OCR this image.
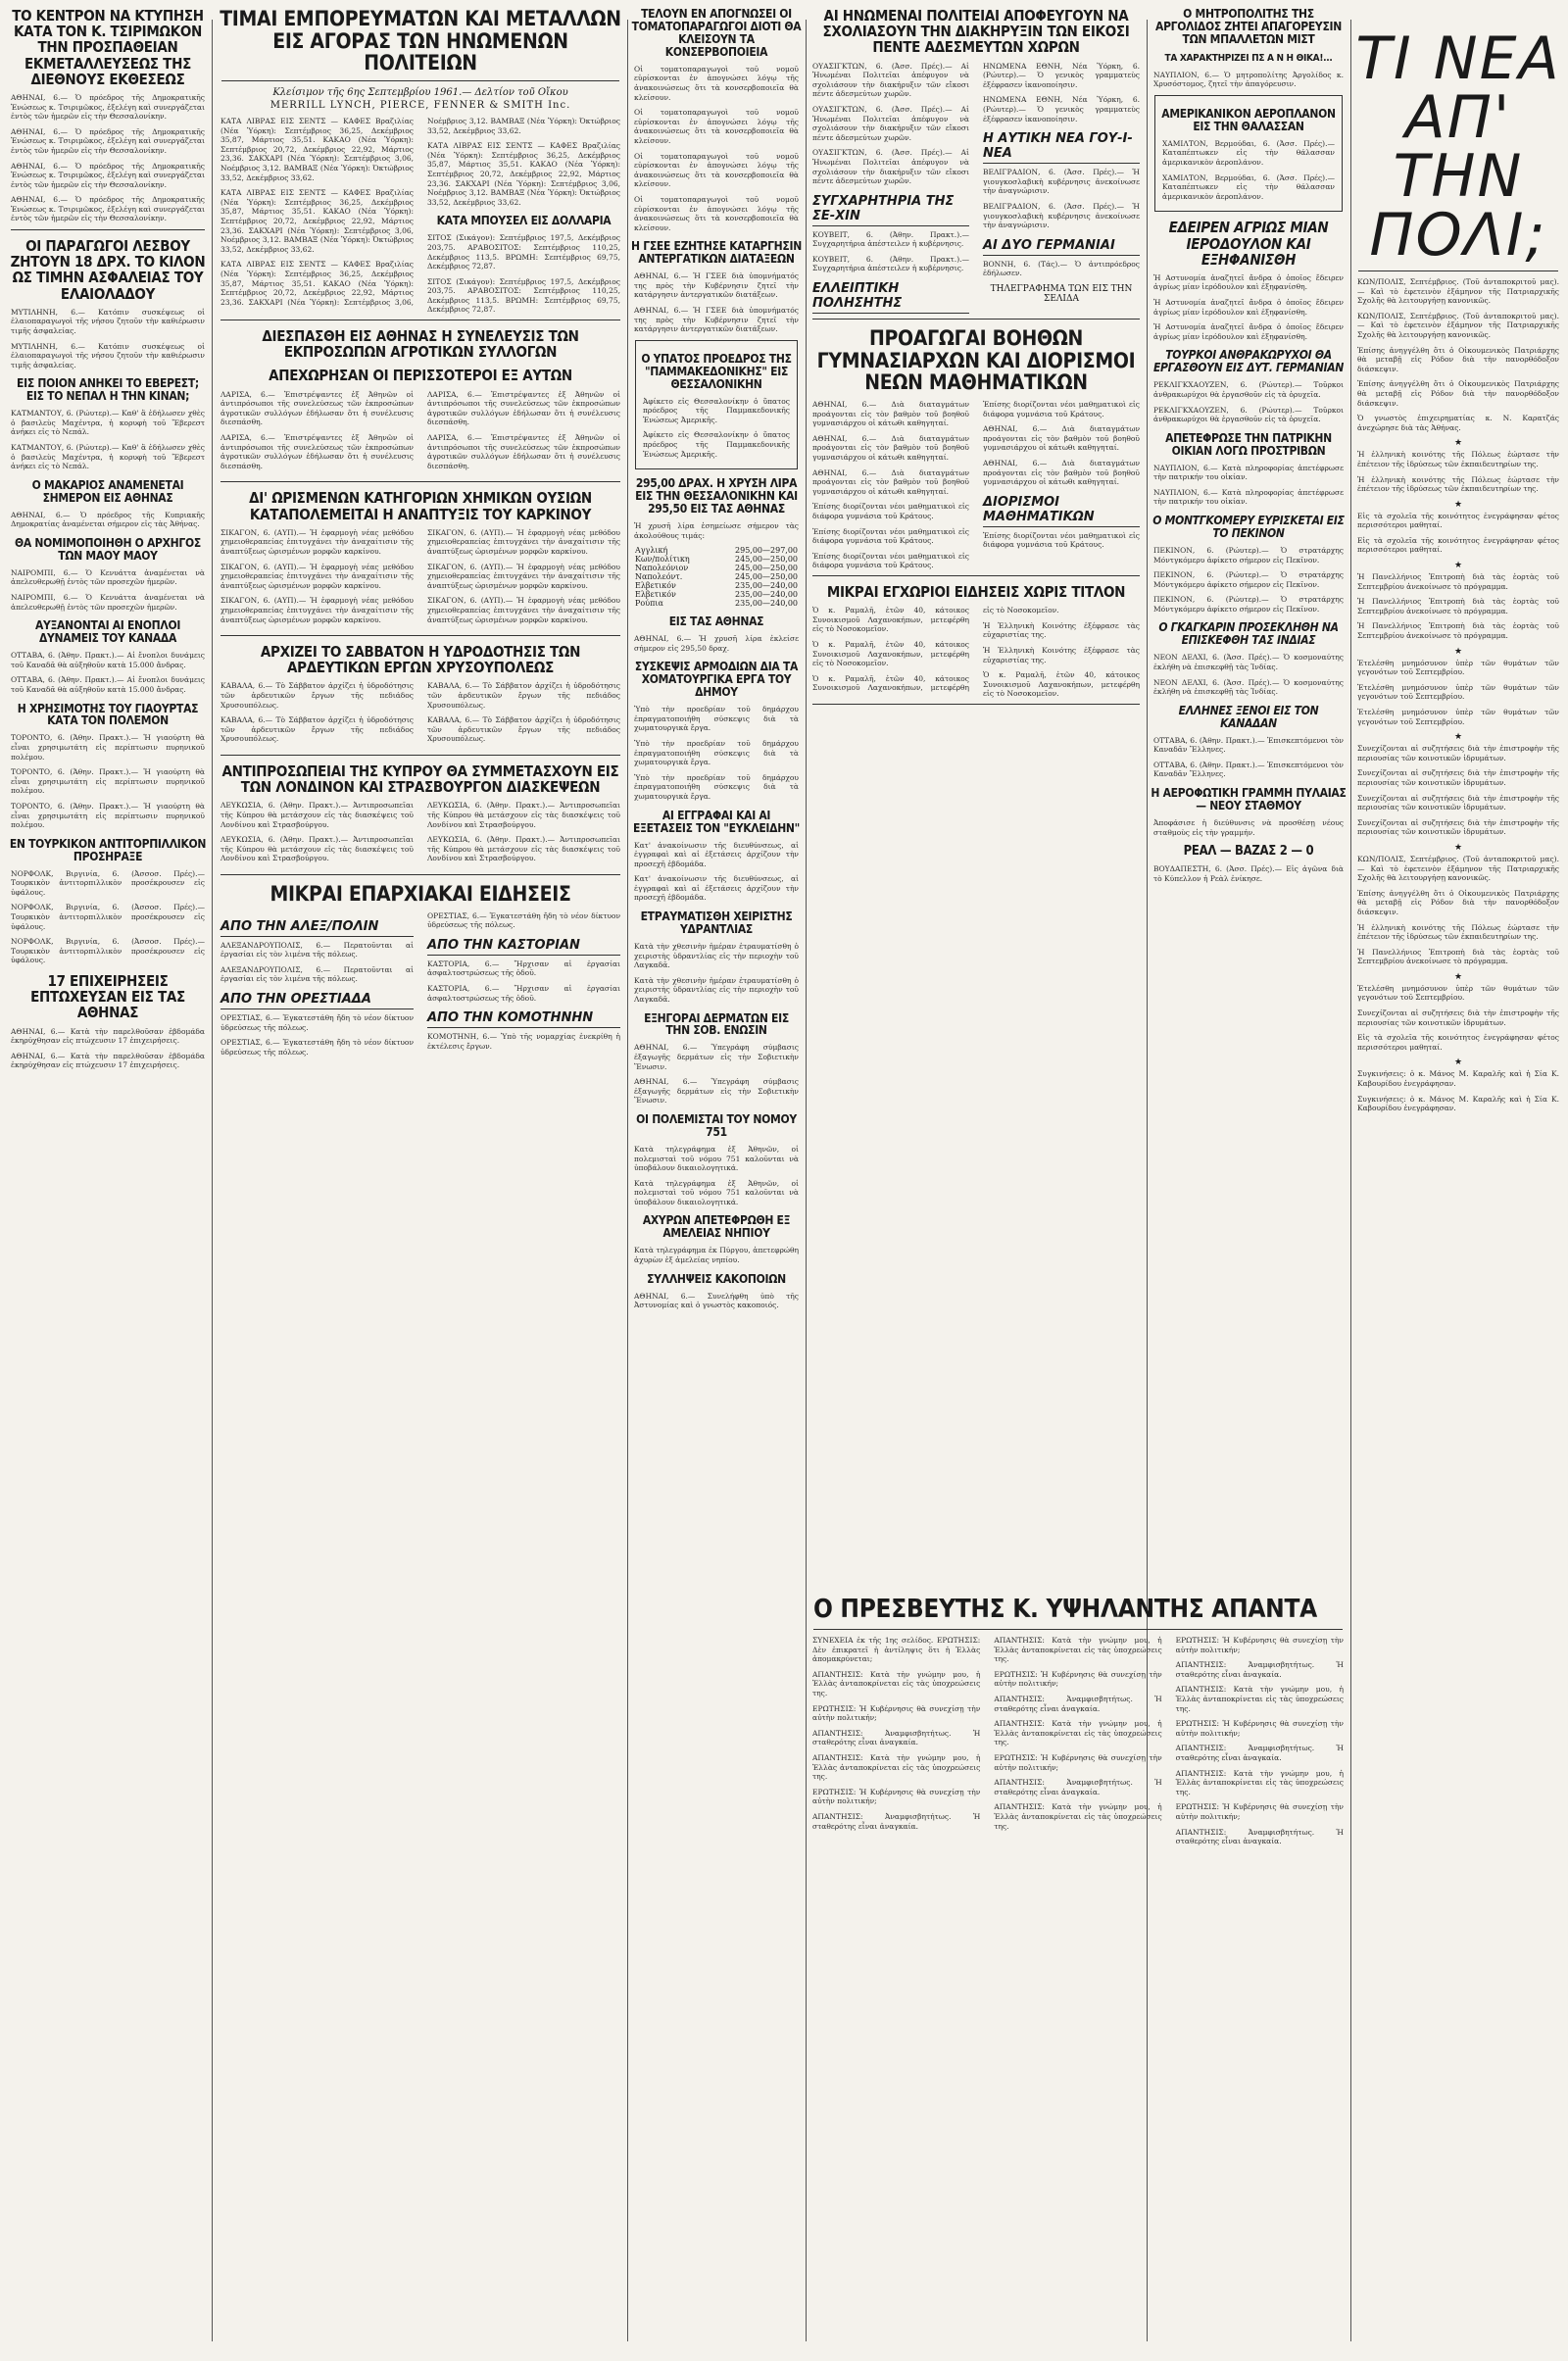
ΤΟ ΚΕΝΤΡΟΝ ΝΑ ΚΤΥΠΗΣΗ ΚΑΤΑ ΤΟΝ Κ. ΤΣΙΡΙΜΩΚΟΝ ΤΗΝ ΠΡΟΣΠΑΘΕΙΑΝ ΕΚΜΕΤΑΛΛΕΥΣΕΩΣ ΤΗΣ ΔΙΕΘΝΟΥΣ ΕΚΘΕΣΕΩΣ

ΑΘΗΝΑΙ, 6.— Ὁ πρόεδρος τῆς Δημοκρατικῆς Ἑνώσεως κ. Τσιριμῶκος, ἐξελέγη καὶ συνεργάζεται ἐντὸς τῶν ἡμερῶν εἰς τὴν Θεσσαλονίκην.

ΑΘΗΝΑΙ, 6.— Ὁ πρόεδρος τῆς Δημοκρατικῆς Ἑνώσεως κ. Τσιριμῶκος, ἐξελέγη καὶ συνεργάζεται ἐντὸς τῶν ἡμερῶν εἰς τὴν Θεσσαλονίκην.

ΑΘΗΝΑΙ, 6.— Ὁ πρόεδρος τῆς Δημοκρατικῆς Ἑνώσεως κ. Τσιριμῶκος, ἐξελέγη καὶ συνεργάζεται ἐντὸς τῶν ἡμερῶν εἰς τὴν Θεσσαλονίκην.

ΑΘΗΝΑΙ, 6.— Ὁ πρόεδρος τῆς Δημοκρατικῆς Ἑνώσεως κ. Τσιριμῶκος, ἐξελέγη καὶ συνεργάζεται ἐντὸς τῶν ἡμερῶν εἰς τὴν Θεσσαλονίκην.

ΟΙ ΠΑΡΑΓΩΓΟΙ ΛΕΣΒΟΥ ΖΗΤΟΥΝ 18 ΔΡΧ. ΤΟ ΚΙΛΟΝ ΩΣ ΤΙΜΗΝ ΑΣΦΑΛΕΙΑΣ ΤΟΥ ΕΛΑΙΟΛΑΔΟΥ

ΜΥΤΙΛΗΝΗ, 6.— Κατόπιν συσκέψεως οἱ ἐλαιοπαραγωγοὶ τῆς νήσου ζητοῦν τὴν καθιέρωσιν τιμῆς ἀσφαλείας.

ΜΥΤΙΛΗΝΗ, 6.— Κατόπιν συσκέψεως οἱ ἐλαιοπαραγωγοὶ τῆς νήσου ζητοῦν τὴν καθιέρωσιν τιμῆς ἀσφαλείας.

ΕΙΣ ΠΟΙΟΝ ΑΝΗΚΕΙ ΤΟ ΕΒΕΡΕΣΤ; ΕΙΣ ΤΟ ΝΕΠΑΛ Η ΤΗΝ ΚΙΝΑΝ;

ΚΑΤΜΑΝΤΟΥ, 6. (Ρώυτερ).— Καθ' ἃ ἐδήλωσεν χθὲς ὁ βασιλεὺς Μαχέντρα, ἡ κορυφὴ τοῦ Ἔβερεστ ἀνήκει εἰς τὸ Νεπάλ.

ΚΑΤΜΑΝΤΟΥ, 6. (Ρώυτερ).— Καθ' ἃ ἐδήλωσεν χθὲς ὁ βασιλεὺς Μαχέντρα, ἡ κορυφὴ τοῦ Ἔβερεστ ἀνήκει εἰς τὸ Νεπάλ.

Ο ΜΑΚΑΡΙΟΣ ΑΝΑΜΕΝΕΤΑΙ ΣΗΜΕΡΟΝ ΕΙΣ ΑΘΗΝΑΣ

ΑΘΗΝΑΙ, 6.— Ὁ πρόεδρος τῆς Κυπριακῆς Δημοκρατίας ἀναμένεται σήμερον εἰς τὰς Ἀθήνας.

ΘΑ ΝΟΜΙΜΟΠΟΙΗΘΗ Ο ΑΡΧΗΓΟΣ ΤΩΝ ΜΑΟΥ ΜΑΟΥ

ΝΑΙΡΟΜΠΙ, 6.— Ὁ Κενυάττα ἀναμένεται νὰ ἀπελευθερωθῇ ἐντὸς τῶν προσεχῶν ἡμερῶν.

ΝΑΙΡΟΜΠΙ, 6.— Ὁ Κενυάττα ἀναμένεται νὰ ἀπελευθερωθῇ ἐντὸς τῶν προσεχῶν ἡμερῶν.

ΑΥΞΑΝΟΝΤΑΙ ΑΙ ΕΝΟΠΛΟΙ ΔΥΝΑΜΕΙΣ ΤΟΥ ΚΑΝΑΔΑ

ΟΤΤΑΒΑ, 6. (Ἀθην. Πρακτ.).— Αἱ ἔνοπλοι δυνάμεις τοῦ Καναδᾶ θὰ αὐξηθοῦν κατὰ 15.000 ἄνδρας.

ΟΤΤΑΒΑ, 6. (Ἀθην. Πρακτ.).— Αἱ ἔνοπλοι δυνάμεις τοῦ Καναδᾶ θὰ αὐξηθοῦν κατὰ 15.000 ἄνδρας.

Η ΧΡΗΣΙΜΟΤΗΣ ΤΟΥ ΓΙΑΟΥΡΤΑΣ ΚΑΤΑ ΤΟΝ ΠΟΛΕΜΟΝ

ΤΟΡΟΝΤΟ, 6. (Ἀθην. Πρακτ.).— Ἡ γιαούρτη θὰ εἶναι χρησιμωτάτη εἰς περίπτωσιν πυρηνικοῦ πολέμου.

ΤΟΡΟΝΤΟ, 6. (Ἀθην. Πρακτ.).— Ἡ γιαούρτη θὰ εἶναι χρησιμωτάτη εἰς περίπτωσιν πυρηνικοῦ πολέμου.

ΤΟΡΟΝΤΟ, 6. (Ἀθην. Πρακτ.).— Ἡ γιαούρτη θὰ εἶναι χρησιμωτάτη εἰς περίπτωσιν πυρηνικοῦ πολέμου.

ΕΝ ΤΟΥΡΚΙΚΟΝ ΑΝΤΙΤΟΡΠΙΛΛΙΚΟΝ ΠΡΟΣΗΡΑΞΕ

ΝΟΡΦΟΛΚ, Βιργινία, 6. (Ἀσσοσ. Πρές).— Τουρκικὸν ἀντιτορπιλλικὸν προσέκρουσεν εἰς ὑφάλους.

ΝΟΡΦΟΛΚ, Βιργινία, 6. (Ἀσσοσ. Πρές).— Τουρκικὸν ἀντιτορπιλλικὸν προσέκρουσεν εἰς ὑφάλους.

ΝΟΡΦΟΛΚ, Βιργινία, 6. (Ἀσσοσ. Πρές).— Τουρκικὸν ἀντιτορπιλλικὸν προσέκρουσεν εἰς ὑφάλους.

17 ΕΠΙΧΕΙΡΗΣΕΙΣ ΕΠΤΩΧΕΥΣΑΝ ΕΙΣ ΤΑΣ ΑΘΗΝΑΣ

ΑΘΗΝΑΙ, 6.— Κατὰ τὴν παρελθοῦσαν ἑβδομάδα ἐκηρύχθησαν εἰς πτώχευσιν 17 ἐπιχειρήσεις.

ΑΘΗΝΑΙ, 6.— Κατὰ τὴν παρελθοῦσαν ἑβδομάδα ἐκηρύχθησαν εἰς πτώχευσιν 17 ἐπιχειρήσεις.

ΤΙΜΑΙ ΕΜΠΟΡΕΥΜΑΤΩΝ ΚΑΙ ΜΕΤΑΛΛΩΝ ΕΙΣ ΑΓΟΡΑΣ ΤΩΝ ΗΝΩΜΕΝΩΝ ΠΟΛΙΤΕΙΩΝ
Κλείσιμον τῆς 6ης Σεπτεμβρίου 1961.— Δελτίον τοῦ Οἴκου
MERRILL LYNCH, PIERCE, FENNER & SMITH Inc.

ΚΑΤΑ ΛΙΒΡΑΣ ΕΙΣ ΣΕΝΤΣ — ΚΑΦΕΣ Βραζιλίας (Νέα Ὑόρκη): Σεπτέμβριος 36,25, Δεκέμβριος 35,87, Μάρτιος 35,51. ΚΑΚΑΟ (Νέα Ὑόρκη): Σεπτέμβριος 20,72, Δεκέμβριος 22,92, Μάρτιος 23,36. ΣΑΚΧΑΡΙ (Νέα Ὑόρκη): Σεπτέμβριος 3,06, Νοέμβριος 3,12. ΒΑΜΒΑΞ (Νέα Ὑόρκη): Ὀκτώβριος 33,52, Δεκέμβριος 33,62.

ΚΑΤΑ ΛΙΒΡΑΣ ΕΙΣ ΣΕΝΤΣ — ΚΑΦΕΣ Βραζιλίας (Νέα Ὑόρκη): Σεπτέμβριος 36,25, Δεκέμβριος 35,87, Μάρτιος 35,51. ΚΑΚΑΟ (Νέα Ὑόρκη): Σεπτέμβριος 20,72, Δεκέμβριος 22,92, Μάρτιος 23,36. ΣΑΚΧΑΡΙ (Νέα Ὑόρκη): Σεπτέμβριος 3,06, Νοέμβριος 3,12. ΒΑΜΒΑΞ (Νέα Ὑόρκη): Ὀκτώβριος 33,52, Δεκέμβριος 33,62.

ΚΑΤΑ ΛΙΒΡΑΣ ΕΙΣ ΣΕΝΤΣ — ΚΑΦΕΣ Βραζιλίας (Νέα Ὑόρκη): Σεπτέμβριος 36,25, Δεκέμβριος 35,87, Μάρτιος 35,51. ΚΑΚΑΟ (Νέα Ὑόρκη): Σεπτέμβριος 20,72, Δεκέμβριος 22,92, Μάρτιος 23,36. ΣΑΚΧΑΡΙ (Νέα Ὑόρκη): Σεπτέμβριος 3,06, Νοέμβριος 3,12. ΒΑΜΒΑΞ (Νέα Ὑόρκη): Ὀκτώβριος 33,52, Δεκέμβριος 33,62.

ΚΑΤΑ ΛΙΒΡΑΣ ΕΙΣ ΣΕΝΤΣ — ΚΑΦΕΣ Βραζιλίας (Νέα Ὑόρκη): Σεπτέμβριος 36,25, Δεκέμβριος 35,87, Μάρτιος 35,51. ΚΑΚΑΟ (Νέα Ὑόρκη): Σεπτέμβριος 20,72, Δεκέμβριος 22,92, Μάρτιος 23,36. ΣΑΚΧΑΡΙ (Νέα Ὑόρκη): Σεπτέμβριος 3,06, Νοέμβριος 3,12. ΒΑΜΒΑΞ (Νέα Ὑόρκη): Ὀκτώβριος 33,52, Δεκέμβριος 33,62.

ΚΑΤΑ ΜΠΟΥΣΕΛ ΕΙΣ ΔΟΛΛΑΡΙΑ

ΣΙΤΟΣ (Σικάγον): Σεπτέμβριος 197,5, Δεκέμβριος 203,75. ΑΡΑΒΟΣΙΤΟΣ: Σεπτέμβριος 110,25, Δεκέμβριος 113,5. ΒΡΩΜΗ: Σεπτέμβριος 69,75, Δεκέμβριος 72,87.

ΣΙΤΟΣ (Σικάγον): Σεπτέμβριος 197,5, Δεκέμβριος 203,75. ΑΡΑΒΟΣΙΤΟΣ: Σεπτέμβριος 110,25, Δεκέμβριος 113,5. ΒΡΩΜΗ: Σεπτέμβριος 69,75, Δεκέμβριος 72,87.

ΔΙΕΣΠΑΣΘΗ ΕΙΣ ΑΘΗΝΑΣ Η ΣΥΝΕΛΕΥΣΙΣ ΤΩΝ ΕΚΠΡΟΣΩΠΩΝ ΑΓΡΟΤΙΚΩΝ ΣΥΛΛΟΓΩΝ
ΑΠΕΧΩΡΗΣΑΝ ΟΙ ΠΕΡΙΣΣΟΤΕΡΟΙ ΕΞ ΑΥΤΩΝ

ΛΑΡΙΣΑ, 6.— Ἐπιστρέψαντες ἐξ Ἀθηνῶν οἱ ἀντιπρόσωποι τῆς συνελεύσεως τῶν ἐκπροσώπων ἀγροτικῶν συλλόγων ἐδήλωσαν ὅτι ἡ συνέλευσις διεσπάσθη.

ΛΑΡΙΣΑ, 6.— Ἐπιστρέψαντες ἐξ Ἀθηνῶν οἱ ἀντιπρόσωποι τῆς συνελεύσεως τῶν ἐκπροσώπων ἀγροτικῶν συλλόγων ἐδήλωσαν ὅτι ἡ συνέλευσις διεσπάσθη.

ΛΑΡΙΣΑ, 6.— Ἐπιστρέψαντες ἐξ Ἀθηνῶν οἱ ἀντιπρόσωποι τῆς συνελεύσεως τῶν ἐκπροσώπων ἀγροτικῶν συλλόγων ἐδήλωσαν ὅτι ἡ συνέλευσις διεσπάσθη.

ΛΑΡΙΣΑ, 6.— Ἐπιστρέψαντες ἐξ Ἀθηνῶν οἱ ἀντιπρόσωποι τῆς συνελεύσεως τῶν ἐκπροσώπων ἀγροτικῶν συλλόγων ἐδήλωσαν ὅτι ἡ συνέλευσις διεσπάσθη.

ΔΙ' ΩΡΙΣΜΕΝΩΝ ΚΑΤΗΓΟΡΙΩΝ ΧΗΜΙΚΩΝ ΟΥΣΙΩΝ ΚΑΤΑΠΟΛΕΜΕΙΤΑΙ Η ΑΝΑΠΤΥΞΙΣ ΤΟΥ ΚΑΡΚΙΝΟΥ

ΣΙΚΑΓΟΝ, 6. (ΑΥΠ).— Ἡ ἐφαρμογὴ νέας μεθόδου χημειοθεραπείας ἐπιτυγχάνει τὴν ἀναχαίτισιν τῆς ἀναπτύξεως ὡρισμένων μορφῶν καρκίνου.

ΣΙΚΑΓΟΝ, 6. (ΑΥΠ).— Ἡ ἐφαρμογὴ νέας μεθόδου χημειοθεραπείας ἐπιτυγχάνει τὴν ἀναχαίτισιν τῆς ἀναπτύξεως ὡρισμένων μορφῶν καρκίνου.

ΣΙΚΑΓΟΝ, 6. (ΑΥΠ).— Ἡ ἐφαρμογὴ νέας μεθόδου χημειοθεραπείας ἐπιτυγχάνει τὴν ἀναχαίτισιν τῆς ἀναπτύξεως ὡρισμένων μορφῶν καρκίνου.

ΣΙΚΑΓΟΝ, 6. (ΑΥΠ).— Ἡ ἐφαρμογὴ νέας μεθόδου χημειοθεραπείας ἐπιτυγχάνει τὴν ἀναχαίτισιν τῆς ἀναπτύξεως ὡρισμένων μορφῶν καρκίνου.

ΣΙΚΑΓΟΝ, 6. (ΑΥΠ).— Ἡ ἐφαρμογὴ νέας μεθόδου χημειοθεραπείας ἐπιτυγχάνει τὴν ἀναχαίτισιν τῆς ἀναπτύξεως ὡρισμένων μορφῶν καρκίνου.

ΣΙΚΑΓΟΝ, 6. (ΑΥΠ).— Ἡ ἐφαρμογὴ νέας μεθόδου χημειοθεραπείας ἐπιτυγχάνει τὴν ἀναχαίτισιν τῆς ἀναπτύξεως ὡρισμένων μορφῶν καρκίνου.

ΑΡΧΙΖΕΙ ΤΟ ΣΑΒΒΑΤΟΝ Η ΥΔΡΟΔΟΤΗΣΙΣ ΤΩΝ ΑΡΔΕΥΤΙΚΩΝ ΕΡΓΩΝ ΧΡΥΣΟΥΠΟΛΕΩΣ

ΚΑΒΑΛΑ, 6.— Τὸ Σάββατον ἀρχίζει ἡ ὑδροδότησις τῶν ἀρδευτικῶν ἔργων τῆς πεδιάδος Χρυσουπόλεως.

ΚΑΒΑΛΑ, 6.— Τὸ Σάββατον ἀρχίζει ἡ ὑδροδότησις τῶν ἀρδευτικῶν ἔργων τῆς πεδιάδος Χρυσουπόλεως.

ΚΑΒΑΛΑ, 6.— Τὸ Σάββατον ἀρχίζει ἡ ὑδροδότησις τῶν ἀρδευτικῶν ἔργων τῆς πεδιάδος Χρυσουπόλεως.

ΚΑΒΑΛΑ, 6.— Τὸ Σάββατον ἀρχίζει ἡ ὑδροδότησις τῶν ἀρδευτικῶν ἔργων τῆς πεδιάδος Χρυσουπόλεως.

ΑΝΤΙΠΡΟΣΩΠΕΙΑΙ ΤΗΣ ΚΥΠΡΟΥ ΘΑ ΣΥΜΜΕΤΑΣΧΟΥΝ ΕΙΣ ΤΩΝ ΛΟΝΔΙΝΟΝ ΚΑΙ ΣΤΡΑΣΒΟΥΡΓΟΝ ΔΙΑΣΚΕΨΕΩΝ

ΛΕΥΚΩΣΙΑ, 6. (Ἀθην. Πρακτ.).— Ἀντιπροσωπεῖαι τῆς Κύπρου θὰ μετάσχουν εἰς τὰς διασκέψεις τοῦ Λονδίνου καὶ Στρασβούργου.

ΛΕΥΚΩΣΙΑ, 6. (Ἀθην. Πρακτ.).— Ἀντιπροσωπεῖαι τῆς Κύπρου θὰ μετάσχουν εἰς τὰς διασκέψεις τοῦ Λονδίνου καὶ Στρασβούργου.

ΛΕΥΚΩΣΙΑ, 6. (Ἀθην. Πρακτ.).— Ἀντιπροσωπεῖαι τῆς Κύπρου θὰ μετάσχουν εἰς τὰς διασκέψεις τοῦ Λονδίνου καὶ Στρασβούργου.

ΛΕΥΚΩΣΙΑ, 6. (Ἀθην. Πρακτ.).— Ἀντιπροσωπεῖαι τῆς Κύπρου θὰ μετάσχουν εἰς τὰς διασκέψεις τοῦ Λονδίνου καὶ Στρασβούργου.

ΜΙΚΡΑΙ ΕΠΑΡΧΙΑΚΑΙ ΕΙΔΗΣΕΙΣ
ΑΠΟ ΤΗΝ ΑΛΕΞ/ΠΟΛΙΝ

ΑΛΕΞΑΝΔΡΟΥΠΟΛΙΣ, 6.— Περατοῦνται αἱ ἐργασίαι εἰς τὸν λιμένα τῆς πόλεως.

ΑΛΕΞΑΝΔΡΟΥΠΟΛΙΣ, 6.— Περατοῦνται αἱ ἐργασίαι εἰς τὸν λιμένα τῆς πόλεως.

ΑΠΟ ΤΗΝ ΟΡΕΣΤΙΑΔΑ

ΟΡΕΣΤΙΑΣ, 6.— Ἐγκατεστάθη ἤδη τὸ νέον δίκτυον ὑδρεύσεως τῆς πόλεως.

ΟΡΕΣΤΙΑΣ, 6.— Ἐγκατεστάθη ἤδη τὸ νέον δίκτυον ὑδρεύσεως τῆς πόλεως.

ΟΡΕΣΤΙΑΣ, 6.— Ἐγκατεστάθη ἤδη τὸ νέον δίκτυον ὑδρεύσεως τῆς πόλεως.

ΑΠΟ ΤΗΝ ΚΑΣΤΟΡΙΑΝ

ΚΑΣΤΟΡΙΑ, 6.— Ἤρχισαν αἱ ἐργασίαι ἀσφαλτοστρώσεως τῆς ὁδοῦ.

ΚΑΣΤΟΡΙΑ, 6.— Ἤρχισαν αἱ ἐργασίαι ἀσφαλτοστρώσεως τῆς ὁδοῦ.

ΑΠΟ ΤΗΝ ΚΟΜΟΤΗΝΗΝ

ΚΟΜΟΤΗΝΗ, 6.— Ὑπὸ τῆς νομαρχίας ἐνεκρίθη ἡ ἐκτέλεσις ἔργων.

ΤΕΛΟΥΝ ΕΝ ΑΠΟΓΝΩΣΕΙ ΟΙ ΤΟΜΑΤΟΠΑΡΑΓΩΓΟΙ ΔΙΟΤΙ ΘΑ ΚΛΕΙΣΟΥΝ ΤΑ ΚΟΝΣΕΡΒΟΠΟΙΕΙΑ

Οἱ τοματοπαραγωγοὶ τοῦ νομοῦ εὑρίσκονται ἐν ἀπογνώσει λόγῳ τῆς ἀνακοινώσεως ὅτι τὰ κονσερβοποιεῖα θὰ κλείσουν.

Οἱ τοματοπαραγωγοὶ τοῦ νομοῦ εὑρίσκονται ἐν ἀπογνώσει λόγῳ τῆς ἀνακοινώσεως ὅτι τὰ κονσερβοποιεῖα θὰ κλείσουν.

Οἱ τοματοπαραγωγοὶ τοῦ νομοῦ εὑρίσκονται ἐν ἀπογνώσει λόγῳ τῆς ἀνακοινώσεως ὅτι τὰ κονσερβοποιεῖα θὰ κλείσουν.

Οἱ τοματοπαραγωγοὶ τοῦ νομοῦ εὑρίσκονται ἐν ἀπογνώσει λόγῳ τῆς ἀνακοινώσεως ὅτι τὰ κονσερβοποιεῖα θὰ κλείσουν.

Η ΓΣΕΕ ΕΖΗΤΗΣΕ ΚΑΤΑΡΓΗΣΙΝ ΑΝΤΕΡΓΑΤΙΚΩΝ ΔΙΑΤΑΞΕΩΝ

ΑΘΗΝΑΙ, 6.— Ἡ ΓΣΕΕ διὰ ὑπομνήματός της πρὸς τὴν Κυβέρνησιν ζητεῖ τὴν κατάργησιν ἀντεργατικῶν διατάξεων.

ΑΘΗΝΑΙ, 6.— Ἡ ΓΣΕΕ διὰ ὑπομνήματός της πρὸς τὴν Κυβέρνησιν ζητεῖ τὴν κατάργησιν ἀντεργατικῶν διατάξεων.

Ο ΥΠΑΤΟΣ ΠΡΟΕΔΡΟΣ ΤΗΣ "ΠΑΜΜΑΚΕΔΟΝΙΚΗΣ" ΕΙΣ ΘΕΣΣΑΛΟΝΙΚΗΝ

Ἀφίκετο εἰς Θεσσαλονίκην ὁ ὕπατος πρόεδρος τῆς Παμμακεδονικῆς Ἑνώσεως Ἀμερικῆς.

Ἀφίκετο εἰς Θεσσαλονίκην ὁ ὕπατος πρόεδρος τῆς Παμμακεδονικῆς Ἑνώσεως Ἀμερικῆς.

295,00 ΔΡΑΧ. Η ΧΡΥΣΗ ΛΙΡΑ ΕΙΣ ΤΗΝ ΘΕΣΣΑΛΟΝΙΚΗΝ ΚΑΙ 295,50 ΕΙΣ ΤΑΣ ΑΘΗΝΑΣ

Ἡ χρυσῆ λίρα ἐσημείωσε σήμερον τὰς ἀκολούθους τιμάς:

Αγγλική	295,00—297,00
Κων/πολίτικη	245,00—250,00
Ναπολεόνιον	245,00—250,00
Ναπολεόντ.	245,00—250,00
Ελβετικόν	235,00—240,00
Ελβετικόν	235,00—240,00
Ρούπια	235,00—240,00
ΕΙΣ ΤΑΣ ΑΘΗΝΑΣ

ΑΘΗΝΑΙ, 6.— Ἡ χρυσῆ λίρα ἐκλείσε σήμερον εἰς 295,50 δραχ.

ΣΥΣΚΕΨΙΣ ΑΡΜΟΔΙΩΝ ΔΙΑ ΤΑ ΧΟΜΑΤΟΥΡΓΙΚΑ ΕΡΓΑ ΤΟΥ ΔΗΜΟΥ

Ὑπὸ τὴν προεδρίαν τοῦ δημάρχου ἐπραγματοποιήθη σύσκεψις διὰ τὰ χωματουργικὰ ἔργα.

Ὑπὸ τὴν προεδρίαν τοῦ δημάρχου ἐπραγματοποιήθη σύσκεψις διὰ τὰ χωματουργικὰ ἔργα.

Ὑπὸ τὴν προεδρίαν τοῦ δημάρχου ἐπραγματοποιήθη σύσκεψις διὰ τὰ χωματουργικὰ ἔργα.

ΑΙ ΕΓΓΡΑΦΑΙ ΚΑΙ ΑΙ ΕΞΕΤΑΣΕΙΣ ΤΟΝ "ΕΥΚΛΕΙΔΗΝ"

Κατ' ἀνακοίνωσιν τῆς διευθύνσεως, αἱ ἐγγραφαὶ καὶ αἱ ἐξετάσεις ἀρχίζουν τὴν προσεχῆ ἑβδομάδα.

Κατ' ἀνακοίνωσιν τῆς διευθύνσεως, αἱ ἐγγραφαὶ καὶ αἱ ἐξετάσεις ἀρχίζουν τὴν προσεχῆ ἑβδομάδα.

ΕΤΡΑΥΜΑΤΙΣΘΗ ΧΕΙΡΙΣΤΗΣ ΥΔΡΑΝΤΛΙΑΣ

Κατὰ τὴν χθεσινὴν ἡμέραν ἐτραυματίσθη ὁ χειριστὴς ὑδραντλίας εἰς τὴν περιοχὴν τοῦ Λαγκαδᾶ.

Κατὰ τὴν χθεσινὴν ἡμέραν ἐτραυματίσθη ὁ χειριστὴς ὑδραντλίας εἰς τὴν περιοχὴν τοῦ Λαγκαδᾶ.

ΕΞΗΓΟΡΑΙ ΔΕΡΜΑΤΩΝ ΕΙΣ ΤΗΝ ΣΟΒ. ΕΝΩΣΙΝ

ΑΘΗΝΑΙ, 6.— Ὑπεγράφη σύμβασις ἐξαγωγῆς δερμάτων εἰς τὴν Σοβιετικὴν Ἕνωσιν.

ΑΘΗΝΑΙ, 6.— Ὑπεγράφη σύμβασις ἐξαγωγῆς δερμάτων εἰς τὴν Σοβιετικὴν Ἕνωσιν.

ΟΙ ΠΟΛΕΜΙΣΤΑΙ ΤΟΥ ΝΟΜΟΥ 751

Κατὰ τηλεγράφημα ἐξ Ἀθηνῶν, οἱ πολεμισταὶ τοῦ νόμου 751 καλοῦνται νὰ ὑποβάλουν δικαιολογητικά.

Κατὰ τηλεγράφημα ἐξ Ἀθηνῶν, οἱ πολεμισταὶ τοῦ νόμου 751 καλοῦνται νὰ ὑποβάλουν δικαιολογητικά.

ΑΧΥΡΩΝ ΑΠΕΤΕΦΡΩΘΗ ΕΞ ΑΜΕΛΕΙΑΣ ΝΗΠΙΟΥ

Κατὰ τηλεγράφημα ἐκ Πύργου, ἀπετεφρώθη ἀχυρὼν ἐξ ἀμελείας νηπίου.

ΣΥΛΛΗΨΕΙΣ ΚΑΚΟΠΟΙΩΝ

ΑΘΗΝΑΙ, 6.— Συνελήφθη ὑπὸ τῆς Ἀστυνομίας καὶ ὁ γνωστὸς κακοποιός.

ΑΙ ΗΝΩΜΕΝΑΙ ΠΟΛΙΤΕΙΑΙ ΑΠΟΦΕΥΓΟΥΝ ΝΑ ΣΧΟΛΙΑΣΟΥΝ ΤΗΝ ΔΙΑΚΗΡΥΞΙΝ ΤΩΝ ΕΙΚΟΣΙ ΠΕΝΤΕ ΑΔΕΣΜΕΥΤΩΝ ΧΩΡΩΝ

ΟΥΑΣΙΓΚΤΩΝ, 6. (Ἀσσ. Πρές).— Αἱ Ἡνωμέναι Πολιτεῖαι ἀπέφυγον νὰ σχολιάσουν τὴν διακήρυξιν τῶν εἴκοσι πέντε ἀδεσμεύτων χωρῶν.

ΟΥΑΣΙΓΚΤΩΝ, 6. (Ἀσσ. Πρές).— Αἱ Ἡνωμέναι Πολιτεῖαι ἀπέφυγον νὰ σχολιάσουν τὴν διακήρυξιν τῶν εἴκοσι πέντε ἀδεσμεύτων χωρῶν.

ΟΥΑΣΙΓΚΤΩΝ, 6. (Ἀσσ. Πρές).— Αἱ Ἡνωμέναι Πολιτεῖαι ἀπέφυγον νὰ σχολιάσουν τὴν διακήρυξιν τῶν εἴκοσι πέντε ἀδεσμεύτων χωρῶν.

ΣΥΓΧΑΡΗΤΗΡΙΑ ΤΗΣ ΣΕ-ΧΙΝ

ΚΟΥΒΕΙΤ, 6. (Ἀθην. Πρακτ.).— Συγχαρητήρια ἀπέστειλεν ἡ κυβέρνησις.

ΚΟΥΒΕΙΤ, 6. (Ἀθην. Πρακτ.).— Συγχαρητήρια ἀπέστειλεν ἡ κυβέρνησις.

ΕΛΛΕΙΠΤΙΚΗ ΠΟΛΗΣΗΤΗΣ

ΗΝΩΜΕΝΑ ΕΘΝΗ, Νέα Ὑόρκη, 6. (Ρώυτερ).— Ὁ γενικὸς γραμματεὺς ἐξέφρασεν ἱκανοποίησιν.

ΗΝΩΜΕΝΑ ΕΘΝΗ, Νέα Ὑόρκη, 6. (Ρώυτερ).— Ὁ γενικὸς γραμματεὺς ἐξέφρασεν ἱκανοποίησιν.

Η ΑΥΤΙΚΗ ΝΕΑ ΓΟΥ-Ι-ΝΕΑ

ΒΕΛΙΓΡΑΔΙΟΝ, 6. (Ἀσσ. Πρές).— Ἡ γιουγκοσλαβικὴ κυβέρνησις ἀνεκοίνωσε τὴν ἀναγνώρισιν.

ΒΕΛΙΓΡΑΔΙΟΝ, 6. (Ἀσσ. Πρές).— Ἡ γιουγκοσλαβικὴ κυβέρνησις ἀνεκοίνωσε τὴν ἀναγνώρισιν.

ΑΙ ΔΥΟ ΓΕΡΜΑΝΙΑΙ

ΒΟΝΝΗ, 6. (Τάς).— Ὁ ἀντιπρόεδρος ἐδήλωσεν.

ΤΗΛΕΓΡΑΦΗΜΑ ΤΩΝ ΕΙΣ ΤΗΝ ΣΕΛΙΔΑ
ΠΡΟΑΓΩΓΑΙ ΒΟΗΘΩΝ ΓΥΜΝΑΣΙΑΡΧΩΝ ΚΑΙ ΔΙΟΡΙΣΜΟΙ ΝΕΩΝ ΜΑΘΗΜΑΤΙΚΩΝ

ΑΘΗΝΑΙ, 6.— Διὰ διαταγμάτων προάγονται εἰς τὸν βαθμὸν τοῦ βοηθοῦ γυμνασιάρχου οἱ κάτωθι καθηγηταί.

ΑΘΗΝΑΙ, 6.— Διὰ διαταγμάτων προάγονται εἰς τὸν βαθμὸν τοῦ βοηθοῦ γυμνασιάρχου οἱ κάτωθι καθηγηταί.

ΑΘΗΝΑΙ, 6.— Διὰ διαταγμάτων προάγονται εἰς τὸν βαθμὸν τοῦ βοηθοῦ γυμνασιάρχου οἱ κάτωθι καθηγηταί.

Ἐπίσης διορίζονται νέοι μαθηματικοὶ εἰς διάφορα γυμνάσια τοῦ Κράτους.

Ἐπίσης διορίζονται νέοι μαθηματικοὶ εἰς διάφορα γυμνάσια τοῦ Κράτους.

Ἐπίσης διορίζονται νέοι μαθηματικοὶ εἰς διάφορα γυμνάσια τοῦ Κράτους.

Ἐπίσης διορίζονται νέοι μαθηματικοὶ εἰς διάφορα γυμνάσια τοῦ Κράτους.

ΑΘΗΝΑΙ, 6.— Διὰ διαταγμάτων προάγονται εἰς τὸν βαθμὸν τοῦ βοηθοῦ γυμνασιάρχου οἱ κάτωθι καθηγηταί.

ΑΘΗΝΑΙ, 6.— Διὰ διαταγμάτων προάγονται εἰς τὸν βαθμὸν τοῦ βοηθοῦ γυμνασιάρχου οἱ κάτωθι καθηγηταί.

ΔΙΟΡΙΣΜΟΙ ΜΑΘΗΜΑΤΙΚΩΝ

Ἐπίσης διορίζονται νέοι μαθηματικοὶ εἰς διάφορα γυμνάσια τοῦ Κράτους.

ΜΙΚΡΑΙ ΕΓΧΩΡΙΟΙ ΕΙΔΗΣΕΙΣ ΧΩΡΙΣ ΤΙΤΛΟΝ

Ὁ κ. Ραμαλῆ, ἐτῶν 40, κάτοικος Συνοικισμοῦ Λαχανοκήπων, μετεφέρθη εἰς τὸ Νοσοκομεῖον.

Ὁ κ. Ραμαλῆ, ἐτῶν 40, κάτοικος Συνοικισμοῦ Λαχανοκήπων, μετεφέρθη εἰς τὸ Νοσοκομεῖον.

Ὁ κ. Ραμαλῆ, ἐτῶν 40, κάτοικος Συνοικισμοῦ Λαχανοκήπων, μετεφέρθη εἰς τὸ Νοσοκομεῖον.

Ἡ Ἑλληνικὴ Κοινότης ἐξέφρασε τὰς εὐχαριστίας της.

Ἡ Ἑλληνικὴ Κοινότης ἐξέφρασε τὰς εὐχαριστίας της.

Ὁ κ. Ραμαλῆ, ἐτῶν 40, κάτοικος Συνοικισμοῦ Λαχανοκήπων, μετεφέρθη εἰς τὸ Νοσοκομεῖον.

Ο ΠΡΕΣΒΕΥΤΗΣ Κ. ΥΨΗΛΑΝΤΗΣ ΑΠΑΝΤΑ

ΣΥΝΕΧΕΙΑ ἐκ τῆς 1ης σελίδος. ΕΡΩΤΗΣΙΣ: Δὲν ἐπικρατεῖ ἡ ἀντίληψις ὅτι ἡ Ἑλλὰς ἀπομακρύνεται;

ΑΠΑΝΤΗΣΙΣ: Κατὰ τὴν γνώμην μου, ἡ Ἑλλὰς ἀνταποκρίνεται εἰς τὰς ὑποχρεώσεις της.

ΕΡΩΤΗΣΙΣ: Ἡ Κυβέρνησις θὰ συνεχίσῃ τὴν αὐτὴν πολιτικήν;

ΑΠΑΝΤΗΣΙΣ: Ἀναμφισβητήτως. Ἡ σταθερότης εἶναι ἀναγκαία.

ΑΠΑΝΤΗΣΙΣ: Κατὰ τὴν γνώμην μου, ἡ Ἑλλὰς ἀνταποκρίνεται εἰς τὰς ὑποχρεώσεις της.

ΕΡΩΤΗΣΙΣ: Ἡ Κυβέρνησις θὰ συνεχίσῃ τὴν αὐτὴν πολιτικήν;

ΑΠΑΝΤΗΣΙΣ: Ἀναμφισβητήτως. Ἡ σταθερότης εἶναι ἀναγκαία.

ΑΠΑΝΤΗΣΙΣ: Κατὰ τὴν γνώμην μου, ἡ Ἑλλὰς ἀνταποκρίνεται εἰς τὰς ὑποχρεώσεις της.

ΕΡΩΤΗΣΙΣ: Ἡ Κυβέρνησις θὰ συνεχίσῃ τὴν αὐτὴν πολιτικήν;

ΑΠΑΝΤΗΣΙΣ: Ἀναμφισβητήτως. Ἡ σταθερότης εἶναι ἀναγκαία.

ΑΠΑΝΤΗΣΙΣ: Κατὰ τὴν γνώμην μου, ἡ Ἑλλὰς ἀνταποκρίνεται εἰς τὰς ὑποχρεώσεις της.

ΕΡΩΤΗΣΙΣ: Ἡ Κυβέρνησις θὰ συνεχίσῃ τὴν αὐτὴν πολιτικήν;

ΑΠΑΝΤΗΣΙΣ: Ἀναμφισβητήτως. Ἡ σταθερότης εἶναι ἀναγκαία.

ΑΠΑΝΤΗΣΙΣ: Κατὰ τὴν γνώμην μου, ἡ Ἑλλὰς ἀνταποκρίνεται εἰς τὰς ὑποχρεώσεις της.

ΕΡΩΤΗΣΙΣ: Ἡ Κυβέρνησις θὰ συνεχίσῃ τὴν αὐτὴν πολιτικήν;

ΑΠΑΝΤΗΣΙΣ: Ἀναμφισβητήτως. Ἡ σταθερότης εἶναι ἀναγκαία.

ΑΠΑΝΤΗΣΙΣ: Κατὰ τὴν γνώμην μου, ἡ Ἑλλὰς ἀνταποκρίνεται εἰς τὰς ὑποχρεώσεις της.

ΕΡΩΤΗΣΙΣ: Ἡ Κυβέρνησις θὰ συνεχίσῃ τὴν αὐτὴν πολιτικήν;

ΑΠΑΝΤΗΣΙΣ: Ἀναμφισβητήτως. Ἡ σταθερότης εἶναι ἀναγκαία.

ΑΠΑΝΤΗΣΙΣ: Κατὰ τὴν γνώμην μου, ἡ Ἑλλὰς ἀνταποκρίνεται εἰς τὰς ὑποχρεώσεις της.

ΕΡΩΤΗΣΙΣ: Ἡ Κυβέρνησις θὰ συνεχίσῃ τὴν αὐτὴν πολιτικήν;

ΑΠΑΝΤΗΣΙΣ: Ἀναμφισβητήτως. Ἡ σταθερότης εἶναι ἀναγκαία.

Ο ΜΗΤΡΟΠΟΛΙΤΗΣ ΤΗΣ ΑΡΓΟΛΙΔΟΣ ΖΗΤΕΙ ΑΠΑΓΟΡΕΥΣΙΝ ΤΩΝ ΜΠΑΛΛΕΤΩΝ ΜΙΣΤ
ΤΑ ΧΑΡΑΚΤΗΡΙΖΕΙ ΠΣ Α Ν Η ΘΙΚΑ!...

ΝΑΥΠΛΙΟΝ, 6.— Ὁ μητροπολίτης Ἀργολίδος κ. Χρυσόστομος, ζητεῖ τὴν ἀπαγόρευσιν.

ΑΜΕΡΙΚΑΝΙΚΟΝ ΑΕΡΟΠΛΑΝΟΝ ΕΙΣ ΤΗΝ ΘΑΛΑΣΣΑΝ

ΧΑΜΙΛΤΟΝ, Βερμούδαι, 6. (Ἀσσ. Πρές).— Καταπέπτωκεν εἰς τὴν θάλασσαν ἀμερικανικὸν ἀεροπλάνον.

ΧΑΜΙΛΤΟΝ, Βερμούδαι, 6. (Ἀσσ. Πρές).— Καταπέπτωκεν εἰς τὴν θάλασσαν ἀμερικανικὸν ἀεροπλάνον.

ΕΔΕΙΡΕΝ ΑΓΡΙΩΣ ΜΙΑΝ ΙΕΡΟΔΟΥΛΟΝ ΚΑΙ ΕΞΗΦΑΝΙΣΘΗ

Ἡ Αστυνομία ἀναζητεῖ ἄνδρα ὁ ὁποῖος ἔδειρεν ἀγρίως μίαν ἱερόδουλον καὶ ἐξηφανίσθη.

Ἡ Αστυνομία ἀναζητεῖ ἄνδρα ὁ ὁποῖος ἔδειρεν ἀγρίως μίαν ἱερόδουλον καὶ ἐξηφανίσθη.

Ἡ Αστυνομία ἀναζητεῖ ἄνδρα ὁ ὁποῖος ἔδειρεν ἀγρίως μίαν ἱερόδουλον καὶ ἐξηφανίσθη.

ΤΟΥΡΚΟΙ ΑΝΘΡΑΚΩΡΥΧΟΙ ΘΑ ΕΡΓΑΣΘΟΥΝ ΕΙΣ ΔΥΤ. ΓΕΡΜΑΝΙΑΝ

ΡΕΚΛΙΓΚΧΑΟΥΖΕΝ, 6. (Ρώυτερ).— Τοῦρκοι ἀνθρακωρύχοι θὰ ἐργασθοῦν εἰς τὰ ὀρυχεῖα.

ΡΕΚΛΙΓΚΧΑΟΥΖΕΝ, 6. (Ρώυτερ).— Τοῦρκοι ἀνθρακωρύχοι θὰ ἐργασθοῦν εἰς τὰ ὀρυχεῖα.

ΑΠΕΤΕΦΡΩΣΕ ΤΗΝ ΠΑΤΡΙΚΗΝ ΟΙΚΙΑΝ ΛΟΓΩ ΠΡΟΣΤΡΙΒΩΝ

ΝΑΥΠΛΙΟΝ, 6.— Κατὰ πληροφορίας ἀπετέφρωσε τὴν πατρικήν του οἰκίαν.

ΝΑΥΠΛΙΟΝ, 6.— Κατὰ πληροφορίας ἀπετέφρωσε τὴν πατρικήν του οἰκίαν.

Ο ΜΟΝΤΓΚΟΜΕΡΥ ΕΥΡΙΣΚΕΤΑΙ ΕΙΣ ΤΟ ΠΕΚΙΝΟΝ

ΠΕΚΙΝΟΝ, 6. (Ρώυτερ).— Ὁ στρατάρχης Μόντγκόμερυ ἀφίκετο σήμερον εἰς Πεκῖνον.

ΠΕΚΙΝΟΝ, 6. (Ρώυτερ).— Ὁ στρατάρχης Μόντγκόμερυ ἀφίκετο σήμερον εἰς Πεκῖνον.

ΠΕΚΙΝΟΝ, 6. (Ρώυτερ).— Ὁ στρατάρχης Μόντγκόμερυ ἀφίκετο σήμερον εἰς Πεκῖνον.

Ο ΓΚΑΓΚΑΡΙΝ ΠΡΟΣΕΚΛΗΘΗ ΝΑ ΕΠΙΣΚΕΦΘΗ ΤΑΣ ΙΝΔΙΑΣ

ΝΕΟΝ ΔΕΛΧΙ, 6. (Ἀσσ. Πρές).— Ὁ κοσμοναύτης ἐκλήθη νὰ ἐπισκεφθῇ τὰς Ἰνδίας.

ΝΕΟΝ ΔΕΛΧΙ, 6. (Ἀσσ. Πρές).— Ὁ κοσμοναύτης ἐκλήθη νὰ ἐπισκεφθῇ τὰς Ἰνδίας.

ΕΛΛΗΝΕΣ ΞΕΝΟΙ ΕΙΣ ΤΟΝ ΚΑΝΑΔΑΝ

ΟΤΤΑΒΑ, 6. (Ἀθην. Πρακτ.).— Ἐπισκεπτόμενοι τὸν Καναδᾶν Ἕλληνες.

ΟΤΤΑΒΑ, 6. (Ἀθην. Πρακτ.).— Ἐπισκεπτόμενοι τὸν Καναδᾶν Ἕλληνες.

Η ΑΕΡΟΦΩΤΙΚΗ ΓΡΑΜΜΗ ΠΥΛΑΙΑΣ — ΝΕΟΥ ΣΤΑΘΜΟΥ

Ἀποφάσισε ἡ διεύθυνσις νὰ προσθέσῃ νέους σταθμοὺς εἰς τὴν γραμμήν.

ΡΕΑΛ — ΒΑΖΑΣ 2 — 0

ΒΟΥΔΑΠΕΣΤΗ, 6. (Ἀσσ. Πρές).— Εἰς ἀγῶνα διὰ τὸ Κύπελλον ἡ Ρεὰλ ἐνίκησε.

ΤΙ ΝΕΑ ΑΠ' ΤΗΝ ΠΟΛΙ;

ΚΩΝ/ΠΟΛΙΣ, Σεπτέμβριος. (Τοῦ ἀνταποκριτοῦ μας).— Καὶ τὸ ἐφετεινὸν ἐξάμηνον τῆς Πατριαρχικῆς Σχολῆς θὰ λειτουργήσῃ κανονικῶς.

ΚΩΝ/ΠΟΛΙΣ, Σεπτέμβριος. (Τοῦ ἀνταποκριτοῦ μας).— Καὶ τὸ ἐφετεινὸν ἐξάμηνον τῆς Πατριαρχικῆς Σχολῆς θὰ λειτουργήσῃ κανονικῶς.

Ἐπίσης ἀνηγγέλθη ὅτι ὁ Οἰκουμενικὸς Πατριάρχης θὰ μεταβῇ εἰς Ρόδον διὰ τὴν πανορθόδοξον διάσκεψιν.

Ἐπίσης ἀνηγγέλθη ὅτι ὁ Οἰκουμενικὸς Πατριάρχης θὰ μεταβῇ εἰς Ρόδον διὰ τὴν πανορθόδοξον διάσκεψιν.

Ὁ γνωστὸς ἐπιχειρηματίας κ. Ν. Καρατζάς ἀνεχώρησε διὰ τὰς Ἀθήνας.

★

Ἡ ἑλληνικὴ κοινότης τῆς Πόλεως ἑώρτασε τὴν ἐπέτειον τῆς ἱδρύσεως τῶν ἐκπαιδευτηρίων της.

Ἡ ἑλληνικὴ κοινότης τῆς Πόλεως ἑώρτασε τὴν ἐπέτειον τῆς ἱδρύσεως τῶν ἐκπαιδευτηρίων της.

★

Εἰς τὰ σχολεῖα τῆς κοινότητος ἐνεγράφησαν φέτος περισσότεροι μαθηταί.

Εἰς τὰ σχολεῖα τῆς κοινότητος ἐνεγράφησαν φέτος περισσότεροι μαθηταί.

★

Ἡ Πανελλήνιος Ἐπιτροπὴ διὰ τὰς ἑορτὰς τοῦ Σεπτεμβρίου ἀνεκοίνωσε τὸ πρόγραμμα.

Ἡ Πανελλήνιος Ἐπιτροπὴ διὰ τὰς ἑορτὰς τοῦ Σεπτεμβρίου ἀνεκοίνωσε τὸ πρόγραμμα.

Ἡ Πανελλήνιος Ἐπιτροπὴ διὰ τὰς ἑορτὰς τοῦ Σεπτεμβρίου ἀνεκοίνωσε τὸ πρόγραμμα.

★

Ἐτελέσθη μνημόσυνον ὑπὲρ τῶν θυμάτων τῶν γεγονότων τοῦ Σεπτεμβρίου.

Ἐτελέσθη μνημόσυνον ὑπὲρ τῶν θυμάτων τῶν γεγονότων τοῦ Σεπτεμβρίου.

Ἐτελέσθη μνημόσυνον ὑπὲρ τῶν θυμάτων τῶν γεγονότων τοῦ Σεπτεμβρίου.

★

Συνεχίζονται αἱ συζητήσεις διὰ τὴν ἐπιστροφὴν τῆς περιουσίας τῶν κοινοτικῶν ἱδρυμάτων.

Συνεχίζονται αἱ συζητήσεις διὰ τὴν ἐπιστροφὴν τῆς περιουσίας τῶν κοινοτικῶν ἱδρυμάτων.

Συνεχίζονται αἱ συζητήσεις διὰ τὴν ἐπιστροφὴν τῆς περιουσίας τῶν κοινοτικῶν ἱδρυμάτων.

Συνεχίζονται αἱ συζητήσεις διὰ τὴν ἐπιστροφὴν τῆς περιουσίας τῶν κοινοτικῶν ἱδρυμάτων.

★

ΚΩΝ/ΠΟΛΙΣ, Σεπτέμβριος. (Τοῦ ἀνταποκριτοῦ μας).— Καὶ τὸ ἐφετεινὸν ἐξάμηνον τῆς Πατριαρχικῆς Σχολῆς θὰ λειτουργήσῃ κανονικῶς.

Ἐπίσης ἀνηγγέλθη ὅτι ὁ Οἰκουμενικὸς Πατριάρχης θὰ μεταβῇ εἰς Ρόδον διὰ τὴν πανορθόδοξον διάσκεψιν.

Ἡ ἑλληνικὴ κοινότης τῆς Πόλεως ἑώρτασε τὴν ἐπέτειον τῆς ἱδρύσεως τῶν ἐκπαιδευτηρίων της.

Ἡ Πανελλήνιος Ἐπιτροπὴ διὰ τὰς ἑορτὰς τοῦ Σεπτεμβρίου ἀνεκοίνωσε τὸ πρόγραμμα.

★

Ἐτελέσθη μνημόσυνον ὑπὲρ τῶν θυμάτων τῶν γεγονότων τοῦ Σεπτεμβρίου.

Συνεχίζονται αἱ συζητήσεις διὰ τὴν ἐπιστροφὴν τῆς περιουσίας τῶν κοινοτικῶν ἱδρυμάτων.

Εἰς τὰ σχολεῖα τῆς κοινότητος ἐνεγράφησαν φέτος περισσότεροι μαθηταί.

★

Συγκινήσεις: ὁ κ. Μάνος Μ. Καραλῆς καὶ ἡ Σία Κ. Καβουρίδου ἐνεγράφησαν.

Συγκινήσεις: ὁ κ. Μάνος Μ. Καραλῆς καὶ ἡ Σία Κ. Καβουρίδου ἐνεγράφησαν.
